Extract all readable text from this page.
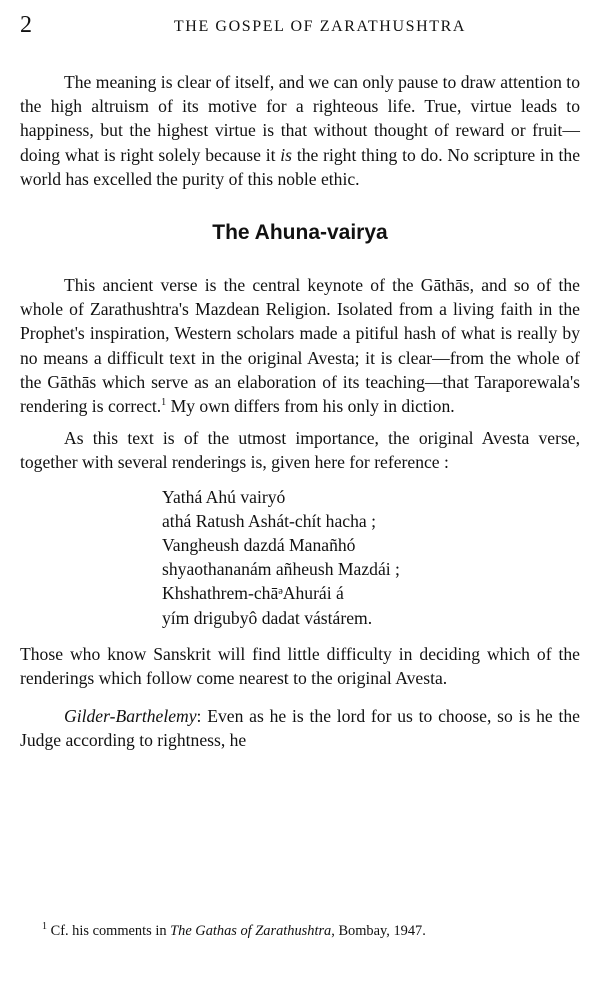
2	THE GOSPEL OF ZARATHUSHTRA

The meaning is clear of itself, and we can only pause to draw attention to the high altruism of its motive for a righteous life. True, virtue leads to happiness, but the highest virtue is that without thought of reward or fruit—doing what is right solely because it is the right thing to do. No scripture in the world has excelled the purity of this noble ethic.

The Ahuna-vairya

This ancient verse is the central keynote of the Gāthās, and so of the whole of Zarathushtra's Mazdean Religion. Isolated from a living faith in the Prophet's inspiration, Western scholars made a pitiful hash of what is really by no means a difficult text in the original Avesta; it is clear—from the whole of the Gāthās which serve as an elaboration of its teaching—that Taraporewala's rendering is correct.$^1$ My own differs from his only in diction.

As this text is of the utmost importance, the original Avesta verse, together with several renderings is, given here for reference :

Yathá Ahú vairyó
athá Ratush Ashát-chít hacha ;
Vangheush dazdá Manañhó
shyaothananám añheush Mazdái ;
Khshathrem-chāᵊAhurái á
yím drigubyô dadat vástárem.

Those who know Sanskrit will find little difficulty in deciding which of the renderings which follow come nearest to the original Avesta.

Gilder-Barthelemy: Even as he is the lord for us to choose, so is he the Judge according to rightness, he

$^1$ Cf. his comments in The Gathas of Zarathushtra, Bombay, 1947.
